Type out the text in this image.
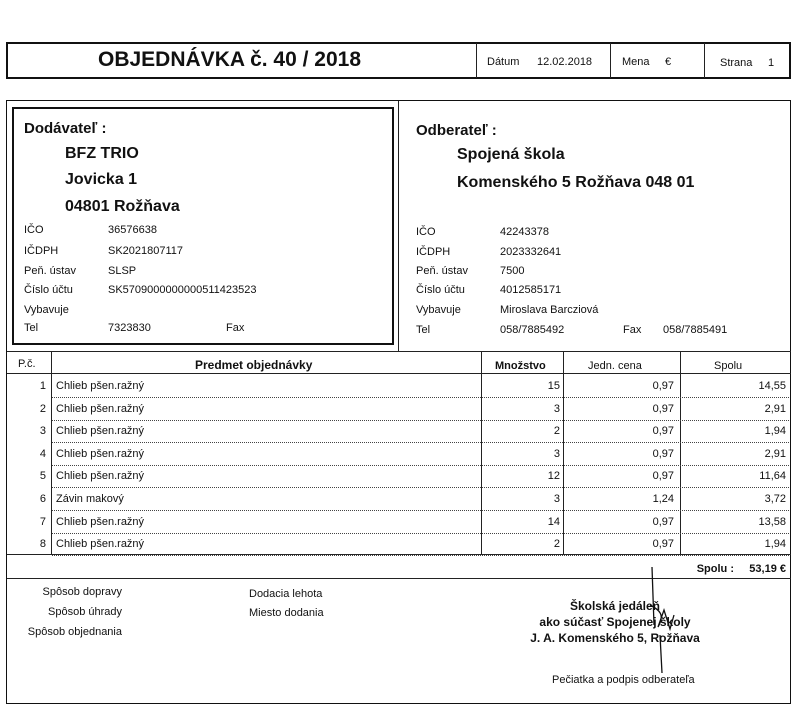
OBJEDNÁVKA č. 40 / 2018	Dátum 12.02.2018	Mena €	Strana 1
Dodávateľ :
BFZ TRIO
Jovicka 1
04801 Rožňava
IČO	36576638
IČDPH	SK2021807117
Peň. ústav	SLSP
Číslo účtu	SK5709000000000511423523
Vybavuje
Tel	7323830	Fax
Odberateľ :
Spojená škola
Komenského 5 Rožňava 048 01
IČO	42243378
IČDPH	2023332641
Peň. ústav	7500
Číslo účtu	4012585171
Vybavuje	Miroslava Barcziová
Tel	058/7885492	Fax 058/7885491
P.č.	Predmet objednávky	Množstvo	Jedn. cena	Spolu
1 Chlieb pšen.ražný	15	0,97	14,55
2 Chlieb pšen.ražný	3	0,97	2,91
3 Chlieb pšen.ražný	2	0,97	1,94
4 Chlieb pšen.ražný	3	0,97	2,91
5 Chlieb pšen.ražný	12	0,97	11,64
6 Závin makový	3	1,24	3,72
7 Chlieb pšen.ražný	14	0,97	13,58
8 Chlieb pšen.ražný	2	0,97	1,94
Spolu :	53,19 €
Spôsob dopravy
Spôsob úhrady
Spôsob objednania
Dodacia lehota
Miesto dodania	Školská jedáleň
ako súčasť Spojenej školy
J. A. Komenského 5, Rožňava
Pečiatka a podpis odberateľa
